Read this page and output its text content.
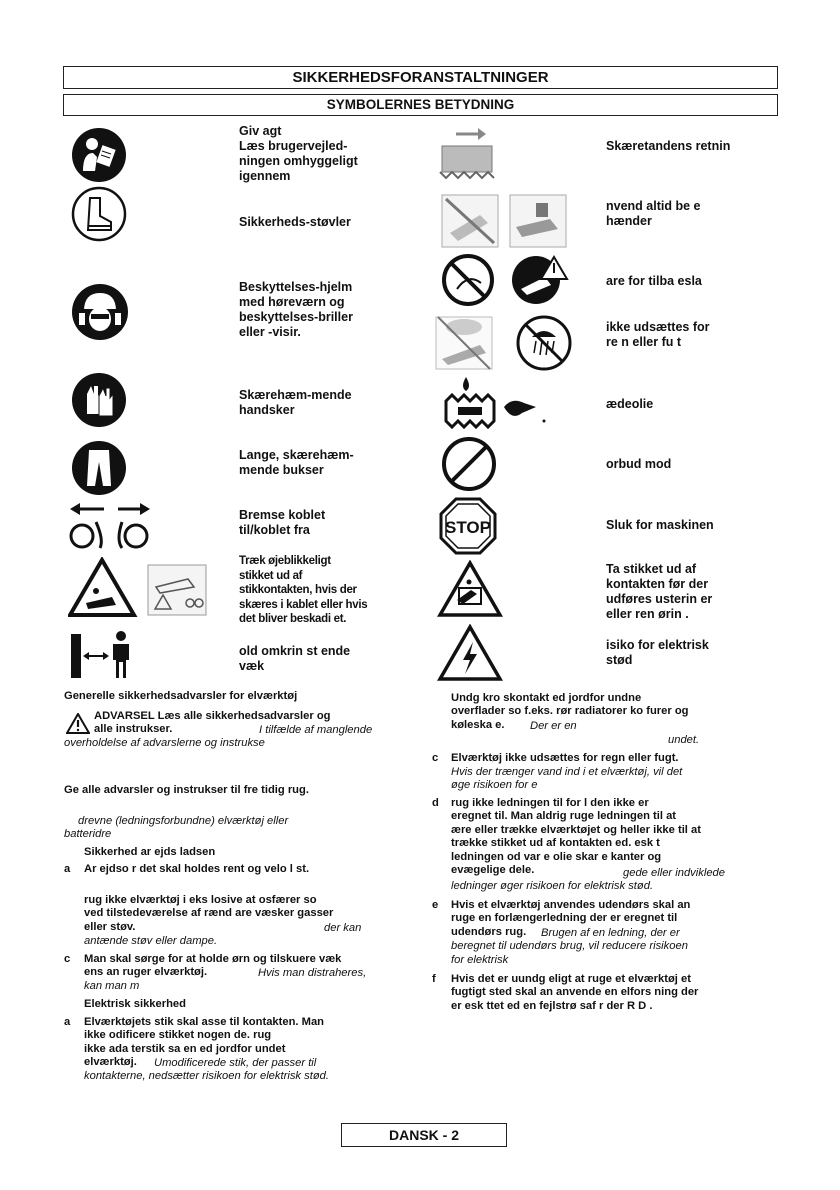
SIKKERHEDSFORANSTALTNINGER
SYMBOLERNES BETYDNING
Giv agt
Læs brugervejled-
ningen omhyggeligt
igennem
Sikkerheds-støvler
Beskyttelses-hjelm
med høreværn og
beskyttelses-briller
eller -visir.
Skærehæm-mende
handsker
Lange, skærehæm-
mende bukser
Bremse koblet
til/koblet fra
Træk øjeblikkeligt
stikket ud af
stikkontakten, hvis der
skæres i kablet eller hvis
det bliver beskadi et.
old omkrin st ende
væk
Skæretandens retnin
nvend altid be e
hænder
are for tilba esla
ikke udsættes for
re n eller fu t
ædeolie
orbud mod
STOP	Sluk for maskinen
Ta stikket ud af
kontakten før der
udføres usterin er
eller ren ørin .
isiko for elektrisk
stød
Generelle sikkerhedsadvarsler for elværktøj
ADVARSEL Læs alle sikkerhedsadvarsler og
alle instrukser.	I tilfælde af manglende
overholdelse af advarslerne og instrukse
Ge alle advarsler og instrukser til fre tidig rug.
drevne (ledningsforbundne) elværktøj eller
batteridre
Sikkerhed ar ejds ladsen
a Ar ejdso r det skal holdes rent og velo l st.
rug ikke elværktøj i eks losive at osfærer so
ved tilstedeværelse af rænd are væsker gasser
eller støv.	der kan
antænde støv eller dampe.
c Man skal sørge for at holde ørn og tilskuere væk
ens an ruger elværktøj.	Hvis man distraheres,
kan man m
Elektrisk sikkerhed
a Elværktøjets stik skal asse til kontakten. Man
ikke odificere stikket nogen de. rug
ikke ada terstik sa en ed jordfor undet
elværktøj.	Umodificerede stik, der passer til
kontakterne, nedsætter risikoen for elektrisk stød.
Undg kro skontakt ed jordfor undne
overflader so f.eks. rør radiatorer ko furer og
køleska e.	Der er en
undet.
c Elværktøj ikke udsættes for regn eller fugt.
Hvis der trænger vand ind i et elværktøj, vil det
øge risikoen for e
d rug ikke ledningen til for l den ikke er
eregnet til. Man aldrig ruge ledningen til at
ære eller trække elværktøjet og heller ikke til at
trække stikket ud af kontakten ed. esk t
ledningen od var e olie skar e kanter og
evægelige dele.	gede eller indviklede
ledninger øger risikoen for elektrisk stød.
e Hvis et elværktøj anvendes udendørs skal an
ruge en forlængerledning der er eregnet til
udendørs rug.	Brugen af en ledning, der er
beregnet til udendørs brug, vil reducere risikoen
for elektrisk
f Hvis det er uundg eligt at ruge et elværktøj et
fugtigt sted skal an anvende en elfors ning der
er esk ttet ed en fejlstrø saf r der R D .
DANSK - 2
